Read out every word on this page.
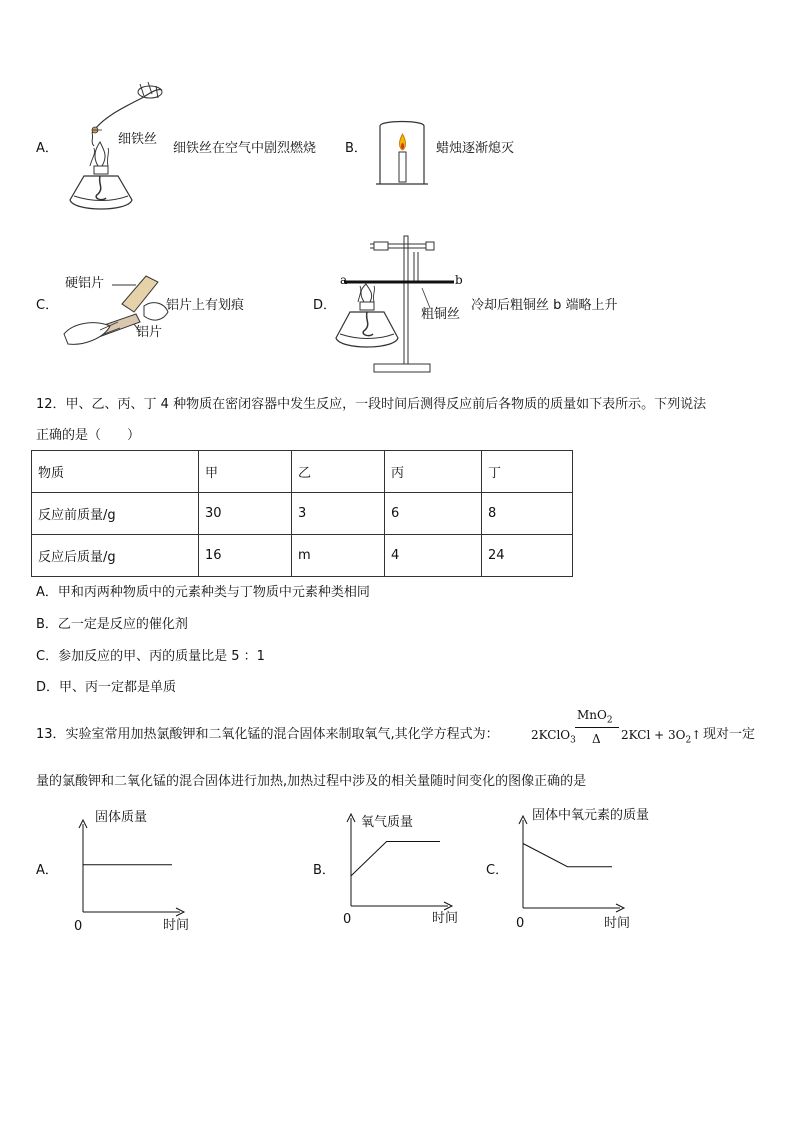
A．
细铁丝
细铁丝在空气中剧烈燃烧 B．	蜡烛逐渐熄灭
C．
硬铝片
铝片
铝片上有划痕	D．
a	b
粗铜丝
冷却后粗铜丝 b 端略上升
12．甲、乙、丙、丁 4 种物质在密闭容器中发生反应，一段时间后测得反应前后各物质的质量如下表所示。下列说法
正确的是（　　）
物质	甲	乙	丙	丁
反应前质量/g	30	3	6	8
反应后质量/g	16	m	4	24
A．甲和丙两种物质中的元素种类与丁物质中元素种类相同
B．乙一定是反应的催化剂
C．参加反应的甲、丙的质量比是 5 ：1
D．甲、丙一定都是单质
13．实验室常用加热氯酸钾和二氧化锰的混合固体来制取氧气,其化学方程式为：	2KClO$_3$
MnO$_2$
Δ $2KCl + 3O_2↑$ 现对一定
量的氯酸钾和二氧化锰的混合固体进行加热,加热过程中涉及的相关量随时间变化的图像正确的是
A．
固体质量
0	时间
B．
氧气质量
0	时间
C．
固体中氧元素的质量
0	时间
